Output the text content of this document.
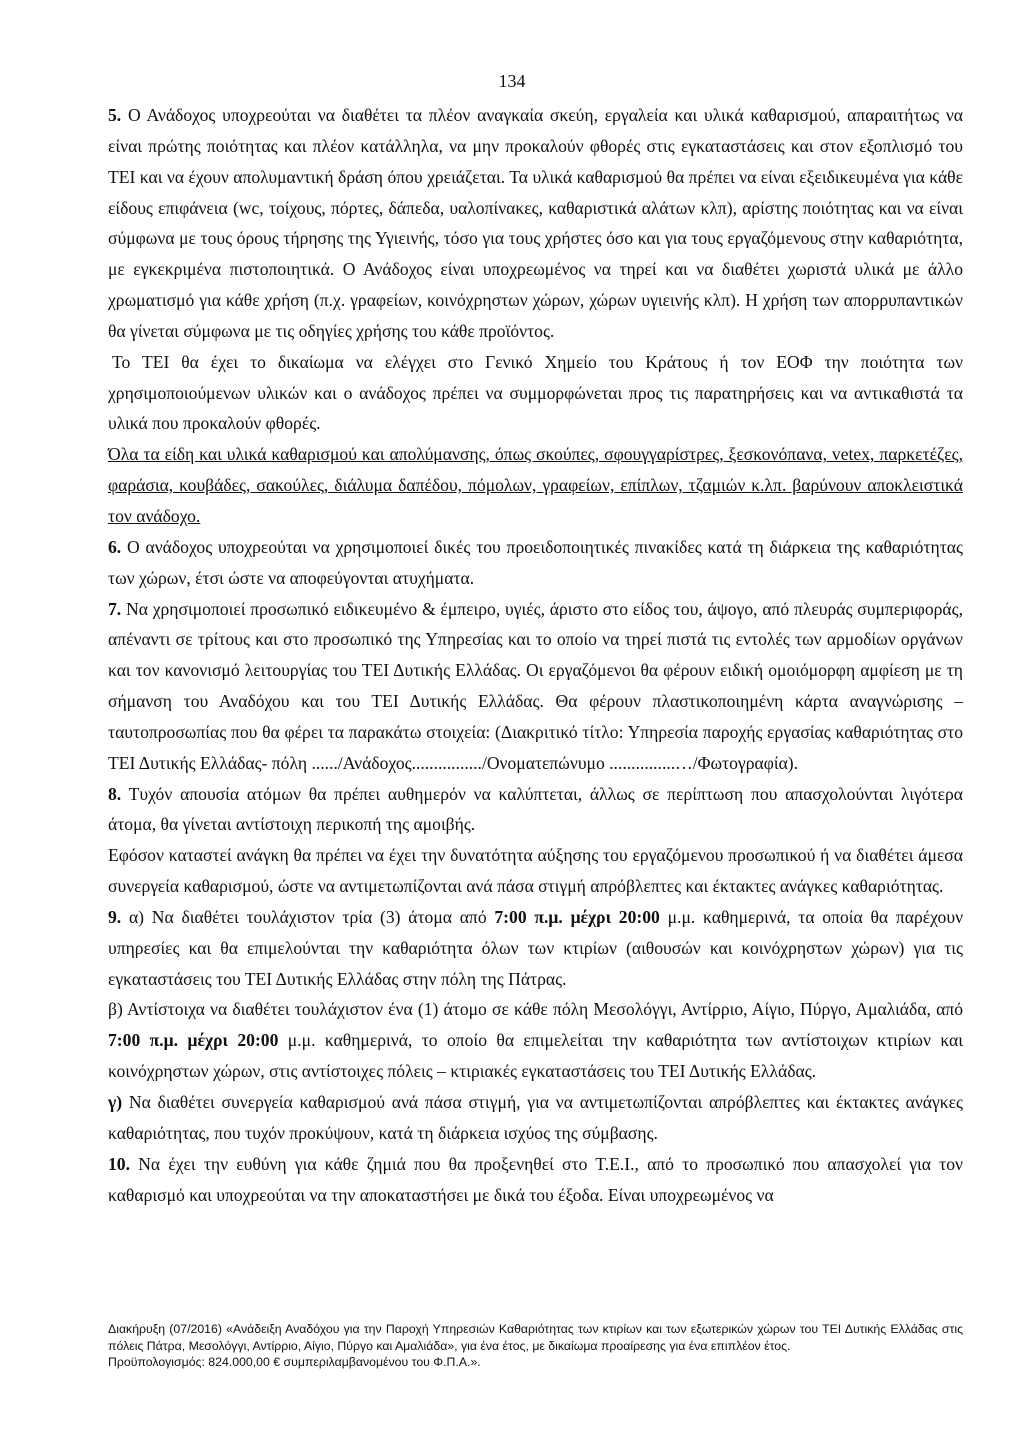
134

5. Ο Ανάδοχος υποχρεούται να διαθέτει τα πλέον αναγκαία σκεύη, εργαλεία και υλικά καθαρισμού, απαραιτήτως να είναι πρώτης ποιότητας και πλέον κατάλληλα, να μην προκαλούν φθορές στις εγκαταστάσεις και στον εξοπλισμό του ΤΕΙ και να έχουν απολυμαντική δράση όπου χρειάζεται. Τα υλικά καθαρισμού θα πρέπει να είναι εξειδικευμένα για κάθε είδους επιφάνεια (wc, τοίχους, πόρτες, δάπεδα, υαλοπίνακες, καθαριστικά αλάτων κλπ), αρίστης ποιότητας και να είναι σύμφωνα με τους όρους τήρησης της Υγιεινής, τόσο για τους χρήστες όσο και για τους εργαζόμενους στην καθαριότητα, με εγκεκριμένα πιστοποιητικά. Ο Ανάδοχος είναι υποχρεωμένος να τηρεί και να διαθέτει χωριστά υλικά με άλλο χρωματισμό για κάθε χρήση (π.χ. γραφείων, κοινόχρηστων χώρων, χώρων υγιεινής κλπ). Η χρήση των απορρυπαντικών θα γίνεται σύμφωνα με τις οδηγίες χρήσης του κάθε προϊόντος.

Το ΤΕΙ θα έχει το δικαίωμα να ελέγχει στο Γενικό Χημείο του Κράτους ή τον ΕΟΦ την ποιότητα των χρησιμοποιούμενων υλικών και ο ανάδοχος πρέπει να συμμορφώνεται προς τις παρατηρήσεις και να αντικαθιστά τα υλικά που προκαλούν φθορές.

Όλα τα είδη και υλικά καθαρισμού και απολύμανσης, όπως σκούπες, σφουγγαρίστρες, ξεσκονόπανα, vetex, παρκετέζες, φαράσια, κουβάδες, σακούλες, διάλυμα δαπέδου, πόμολων, γραφείων, επίπλων, τζαμιών κ.λπ. βαρύνουν αποκλειστικά τον ανάδοχο.

6. Ο ανάδοχος υποχρεούται να χρησιμοποιεί δικές του προειδοποιητικές πινακίδες κατά τη διάρκεια της καθαριότητας των χώρων, έτσι ώστε να αποφεύγονται ατυχήματα.

7. Να χρησιμοποιεί προσωπικό ειδικευμένο & έμπειρο, υγιές, άριστο στο είδος του, άψογο, από πλευράς συμπεριφοράς, απέναντι σε τρίτους και στο προσωπικό της Υπηρεσίας και το οποίο να τηρεί πιστά τις εντολές των αρμοδίων οργάνων και τον κανονισμό λειτουργίας του ΤΕΙ Δυτικής Ελλάδας. Οι εργαζόμενοι θα φέρουν ειδική ομοιόμορφη αμφίεση με τη σήμανση του Αναδόχου και του ΤΕΙ Δυτικής Ελλάδας. Θα φέρουν πλαστικοποιημένη κάρτα αναγνώρισης – ταυτοπροσωπίας που θα φέρει τα παρακάτω στοιχεία: (Διακριτικό τίτλο: Υπηρεσία παροχής εργασίας καθαριότητας στο ΤΕΙ Δυτικής Ελλάδας- πόλη ....../Ανάδοχος................/Ονοματεπώνυμο ...............…/Φωτογραφία).

8. Τυχόν απουσία ατόμων θα πρέπει αυθημερόν να καλύπτεται, άλλως σε περίπτωση που απασχολούνται λιγότερα άτομα, θα γίνεται αντίστοιχη περικοπή της αμοιβής.

Εφόσον καταστεί ανάγκη θα πρέπει να έχει την δυνατότητα αύξησης του εργαζόμενου προσωπικού ή να διαθέτει άμεσα συνεργεία καθαρισμού, ώστε να αντιμετωπίζονται ανά πάσα στιγμή απρόβλεπτες και έκτακτες ανάγκες καθαριότητας.

9. α) Να διαθέτει τουλάχιστον τρία (3) άτομα από 7:00 π.μ. μέχρι 20:00 μ.μ. καθημερινά, τα οποία θα παρέχουν υπηρεσίες και θα επιμελούνται την καθαριότητα όλων των κτιρίων (αιθουσών και κοινόχρηστων χώρων) για τις εγκαταστάσεις του ΤΕΙ Δυτικής Ελλάδας στην πόλη της Πάτρας.

β) Αντίστοιχα να διαθέτει τουλάχιστον ένα (1) άτομο σε κάθε πόλη Μεσολόγγι, Αντίρριο, Αίγιο, Πύργο, Αμαλιάδα, από 7:00 π.μ. μέχρι 20:00 μ.μ. καθημερινά, το οποίο θα επιμελείται την καθαριότητα των αντίστοιχων κτιρίων και κοινόχρηστων χώρων, στις αντίστοιχες πόλεις – κτιριακές εγκαταστάσεις του ΤΕΙ Δυτικής Ελλάδας.

γ) Να διαθέτει συνεργεία καθαρισμού ανά πάσα στιγμή, για να αντιμετωπίζονται απρόβλεπτες και έκτακτες ανάγκες καθαριότητας, που τυχόν προκύψουν, κατά τη διάρκεια ισχύος της σύμβασης.

10. Να έχει την ευθύνη για κάθε ζημιά που θα προξενηθεί στο Τ.Ε.Ι., από το προσωπικό που απασχολεί για τον καθαρισμό και υποχρεούται να την αποκαταστήσει με δικά του έξοδα. Είναι υποχρεωμένος να

Διακήρυξη (07/2016) «Ανάδειξη Αναδόχου για την Παροχή Υπηρεσιών Καθαριότητας των κτιρίων και των εξωτερικών χώρων του ΤΕΙ Δυτικής Ελλάδας στις πόλεις Πάτρα, Μεσολόγγι, Αντίρριο, Αίγιο, Πύργο και Αμαλιάδα», για ένα έτος, με δικαίωμα προαίρεσης για ένα επιπλέον έτος.
Προϋπολογισμός: 824.000,00 € συμπεριλαμβανομένου του Φ.Π.Α.».
